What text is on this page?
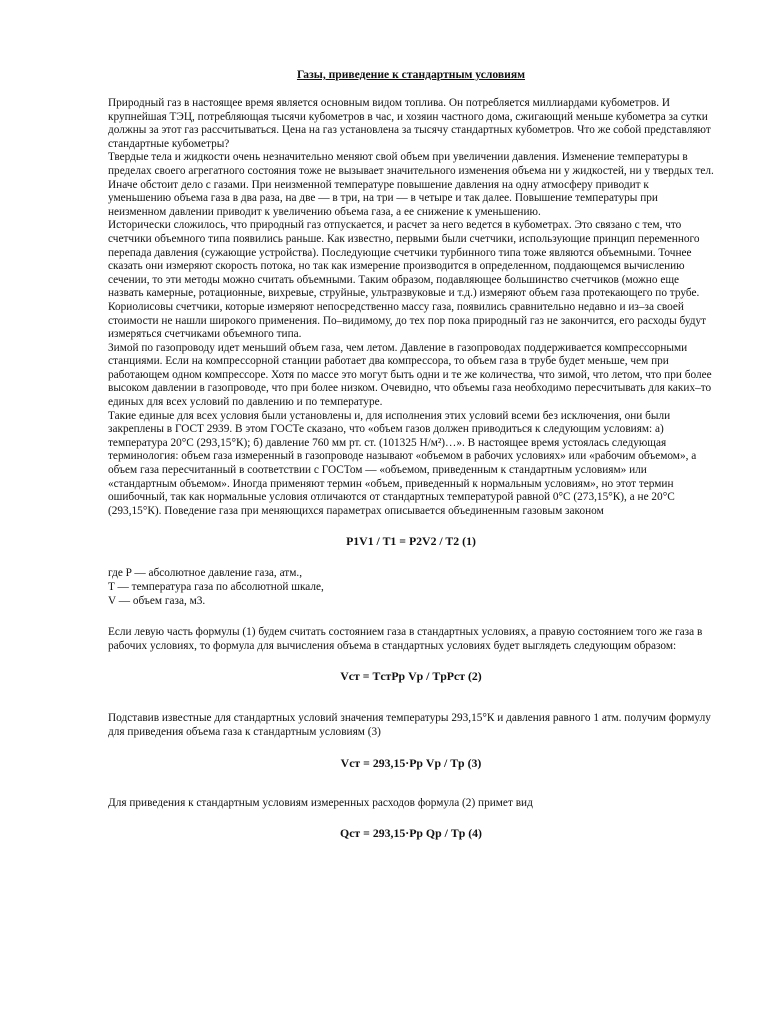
Газы, приведение к стандартным условиям

Природный газ в настоящее время является основным видом топлива. Он потребляется миллиардами кубометров. И крупнейшая ТЭЦ, потребляющая тысячи кубометров в час, и хозяин частного дома, сжигающий меньше кубометра за сутки должны за этот газ рассчитываться. Цена на газ установлена за тысячу стандартных кубометров. Что же собой представляют стандартные кубометры?

Твердые тела и жидкости очень незначительно меняют свой объем при увеличении давления. Изменение температуры в пределах своего агрегатного состояния тоже не вызывает значительного изменения объема ни у жидкостей, ни у твердых тел. Иначе обстоит дело с газами. При неизменной температуре повышение давления на одну атмосферу приводит к уменьшению объема газа в два раза, на две — в три, на три — в четыре и так далее. Повышение температуры при неизменном давлении приводит к увеличению объема газа, а ее снижение к уменьшению.

Исторически сложилось, что природный газ отпускается, и расчет за него ведется в кубометрах. Это связано с тем, что счетчики объемного типа появились раньше. Как известно, первыми были счетчики, использующие принцип переменного перепада давления (сужающие устройства). Последующие счетчики турбинного типа тоже являются объемными. Точнее сказать они измеряют скорость потока, но так как измерение производится в определенном, поддающемся вычислению сечении, то эти методы можно считать объемными. Таким образом, подавляющее большинство счетчиков (можно еще назвать камерные, ротационные, вихревые, струйные, ультразвуковые и т.д.) измеряют объем газа протекающего по трубе. Кориолисовы счетчики, которые измеряют непосредственно массу газа, появились сравнительно недавно и из–за своей стоимости не нашли широкого применения. По–видимому, до тех пор пока природный газ не закончится, его расходы будут измеряться счетчиками объемного типа.

Зимой по газопроводу идет меньший объем газа, чем летом. Давление в газопроводах поддерживается компрессорными станциями. Если на компрессорной станции работает два компрессора, то объем газа в трубе будет меньше, чем при работающем одном компрессоре. Хотя по массе это могут быть одни и те же количества, что зимой, что летом, что при более высоком давлении в газопроводе, что при более низком. Очевидно, что объемы газа необходимо пересчитывать для каких–то единых для всех условий по давлению и по температуре.

Такие единые для всех условия были установлены и, для исполнения этих условий всеми без исключения, они были закреплены в ГОСТ 2939. В этом ГОСТе сказано, что «объем газов должен приводиться к следующим условиям: а) температура 20°С (293,15°К); б) давление 760 мм рт. ст. (101325 Н/м²)…». В настоящее время устоялась следующая терминология: объем газа измеренный в газопроводе называют «объемом в рабочих условиях» или «рабочим объемом», а объем газа пересчитанный в соответствии с ГОСТом — «объемом, приведенным к стандартным условиям» или «стандартным объемом». Иногда применяют термин «объем, приведенный к нормальным условиям», но этот термин ошибочный, так как нормальные условия отличаются от стандартных температурой равной 0°С (273,15°К), а не 20°С (293,15°К). Поведение газа при меняющихся параметрах описывается объединенным газовым законом

P1V1 / T1 = P2V2 / T2 (1)
где P — абсолютное давление газа, атм.,
T — температура газа по абсолютной шкале,
V — объем газа, м3.

Если левую часть формулы (1) будем считать состоянием газа в стандартных условиях, а правую состоянием того же газа в рабочих условиях, то формула для вычисления объема в стандартных условиях будет выглядеть следующим образом:

Vст = TстPр Vр / TрPст (2)

Подставив известные для стандартных условий значения температуры 293,15°К и давления равного 1 атм. получим формулу для приведения объема газа к стандартным условиям (3)

Vст = 293,15·Pр Vр / Tр (3)

Для приведения к стандартным условиям измеренных расходов формула (2) примет вид

Qст = 293,15·Pр Qр / Tр (4)
